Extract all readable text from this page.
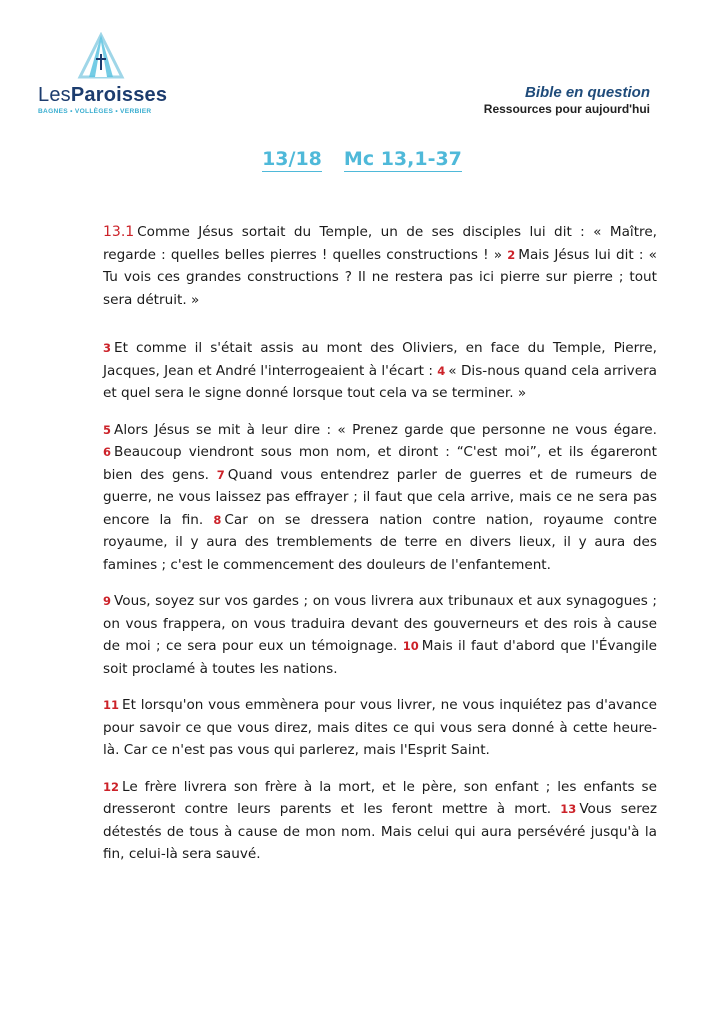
LesParoisses
BAGNES • VOLLÈGES • VERBIER
Bible en question
Ressources pour aujourd'hui
13/18 Mc 13,1-37

13.1 Comme Jésus sortait du Temple, un de ses disciples lui dit : « Maître, regarde : quelles belles pierres ! quelles constructions ! » 2 Mais Jésus lui dit : « Tu vois ces grandes constructions ? Il ne restera pas ici pierre sur pierre ; tout sera détruit. »

3 Et comme il s'était assis au mont des Oliviers, en face du Temple, Pierre, Jacques, Jean et André l'interrogeaient à l'écart : 4 « Dis-nous quand cela arrivera et quel sera le signe donné lorsque tout cela va se terminer. »

5 Alors Jésus se mit à leur dire : « Prenez garde que personne ne vous égare. 6 Beaucoup viendront sous mon nom, et diront : “C'est moi”, et ils égareront bien des gens. 7 Quand vous entendrez parler de guerres et de rumeurs de guerre, ne vous laissez pas effrayer ; il faut que cela arrive, mais ce ne sera pas encore la fin. 8 Car on se dressera nation contre nation, royaume contre royaume, il y aura des tremblements de terre en divers lieux, il y aura des famines ; c'est le commencement des douleurs de l'enfantement.

9 Vous, soyez sur vos gardes ; on vous livrera aux tribunaux et aux synagogues ; on vous frappera, on vous traduira devant des gouverneurs et des rois à cause de moi ; ce sera pour eux un témoignage. 10 Mais il faut d'abord que l'Évangile soit proclamé à toutes les nations.

11 Et lorsqu'on vous emmènera pour vous livrer, ne vous inquiétez pas d'avance pour savoir ce que vous direz, mais dites ce qui vous sera donné à cette heure-là. Car ce n'est pas vous qui parlerez, mais l'Esprit Saint.

12 Le frère livrera son frère à la mort, et le père, son enfant ; les enfants se dresseront contre leurs parents et les feront mettre à mort. 13 Vous serez détestés de tous à cause de mon nom. Mais celui qui aura persévéré jusqu'à la fin, celui-là sera sauvé.
